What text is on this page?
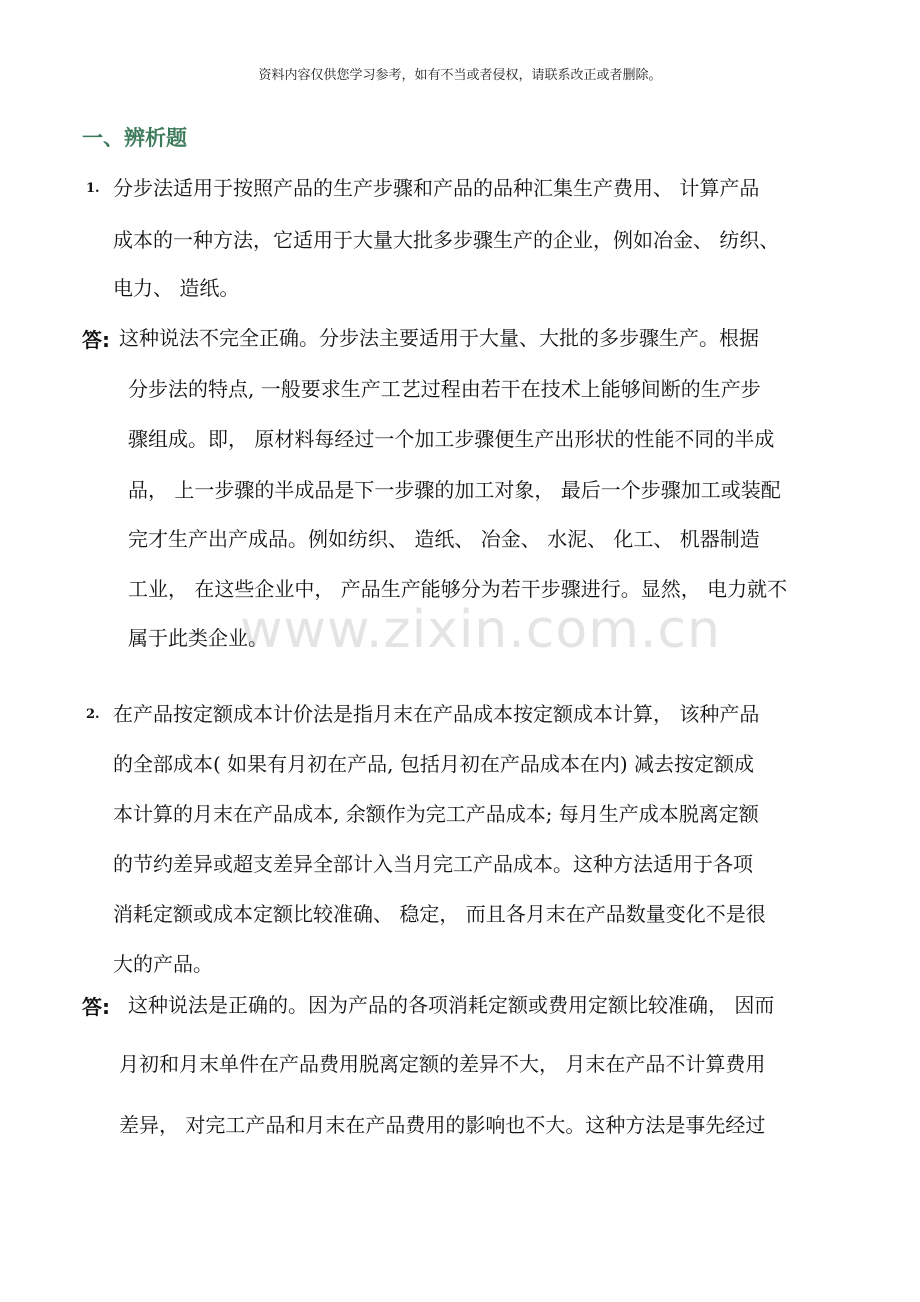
www.zixin.com.cn
资料内容仅供您学习参考，如有不当或者侵权，请联系改正或者删除。
一、辨析题
1. 分步法适用于按照产品的生产步骤和产品的品种汇集生产费用、 计算产品
成本的一种方法，它适用于大量大批多步骤生产的企业，例如冶金、 纺织、
电力、 造纸。
答: 这种说法不完全正确。分步法主要适用于大量、大批的多步骤生产。根据
分步法的特点, 一般要求生产工艺过程由若干在技术上能够间断的生产步
骤组成。即， 原材料每经过一个加工步骤便生产出形状的性能不同的半成
品， 上一步骤的半成品是下一步骤的加工对象， 最后一个步骤加工或装配
完才生产出产成品。例如纺织、 造纸、 冶金、 水泥、 化工、 机器制造
工业， 在这些企业中， 产品生产能够分为若干步骤进行。显然， 电力就不
属于此类企业。
2. 在产品按定额成本计价法是指月末在产品成本按定额成本计算， 该种产品
的全部成本( 如果有月初在产品, 包括月初在产品成本在内) 减去按定额成
本计算的月末在产品成本, 余额作为完工产品成本; 每月生产成本脱离定额
的节约差异或超支差异全部计入当月完工产品成本。这种方法适用于各项
消耗定额或成本定额比较准确、 稳定， 而且各月末在产品数量变化不是很
大的产品。
答: 这种说法是正确的。因为产品的各项消耗定额或费用定额比较准确， 因而
月初和月末单件在产品费用脱离定额的差异不大， 月末在产品不计算费用
差异， 对完工产品和月末在产品费用的影响也不大。这种方法是事先经过
